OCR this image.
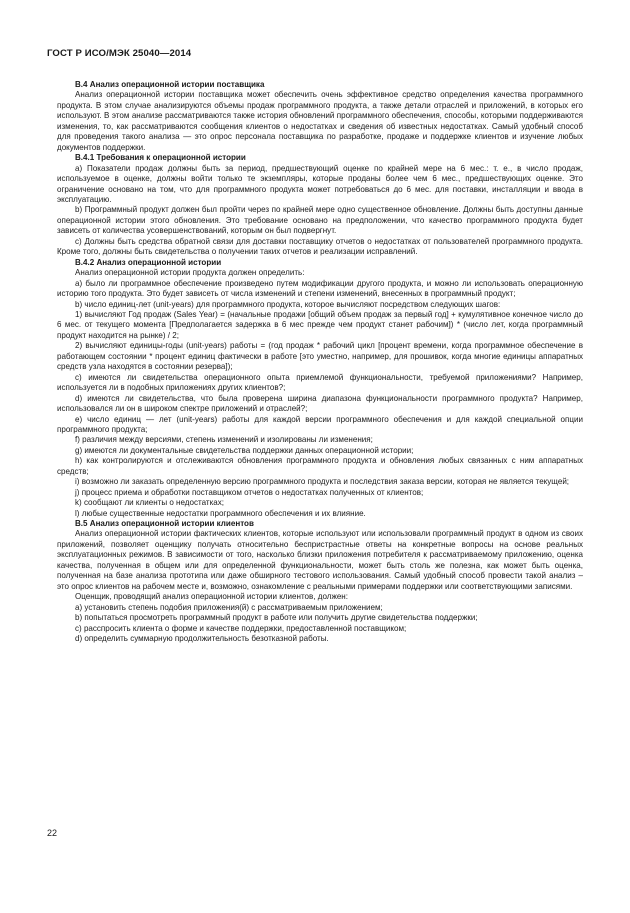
ГОСТ Р ИСО/МЭК 25040—2014
B.4 Анализ операционной истории поставщика

Анализ операционной истории поставщика может обеспечить очень эффективное средство определения качества программного продукта. В этом случае анализируются объемы продаж программного продукта, а также детали отраслей и приложений, в которых его используют. В этом анализе рассматриваются также история обновлений программного обеспечения, способы, которыми поддерживаются изменения, то, как рассматриваются сообщения клиентов о недостатках и сведения об известных недостатках. Самый удобный способ для проведения такого анализа — это опрос персонала поставщика по разработке, продаже и поддержке клиентов и изучение любых документов поддержки.

B.4.1 Требования к операционной истории

a) Показатели продаж должны быть за период, предшествующий оценке по крайней мере на 6 мес.: т. е., в число продаж, используемое в оценке, должны войти только те экземпляры, которые проданы более чем 6 мес., предшествующих оценке. Это ограничение основано на том, что для программного продукта может потребоваться до 6 мес. для поставки, инсталляции и ввода в эксплуатацию.

b) Программный продукт должен был пройти через по крайней мере одно существенное обновление. Должны быть доступны данные операционной истории этого обновления. Это требование основано на предположении, что качество программного продукта будет зависеть от количества усовершенствований, которым он был подвергнут.

c) Должны быть средства обратной связи для доставки поставщику отчетов о недостатках от пользователей программного продукта. Кроме того, должны быть свидетельства о получении таких отчетов и реализации исправлений.

B.4.2 Анализ операционной истории

Анализ операционной истории продукта должен определить:

a) было ли программное обеспечение произведено путем модификации другого продукта, и можно ли использовать операционную историю того продукта. Это будет зависеть от числа изменений и степени изменений, внесенных в программный продукт;

b) число единиц-лет (unit-years) для программного продукта, которое вычисляют посредством следующих шагов:

1) вычисляют Год продаж (Sales Year) = (начальные продажи [общий объем продаж за первый год] + кумулятивное конечное число до 6 мес. от текущего момента [Предполагается задержка в 6 мес прежде чем продукт станет рабочим]) * (число лет, когда программный продукт находится на рынке) / 2;

2) вычисляют единицы-годы (unit-years) работы = (год продаж * рабочий цикл [процент времени, когда программное обеспечение в работающем состоянии * процент единиц фактически в работе [это уместно, например, для прошивок, когда многие единицы аппаратных средств узла находятся в состоянии резерва]);

c) имеются ли свидетельства операционного опыта приемлемой функциональности, требуемой приложениями? Например, используется ли в подобных приложениях других клиентов?;

d) имеются ли свидетельства, что была проверена ширина диапазона функциональности программного продукта? Например, использовался ли он в широком спектре приложений и отраслей?;

e) число единиц — лет (unit-years) работы для каждой версии программного обеспечения и для каждой специальной опции программного продукта;

f) различия между версиями, степень изменений и изолированы ли изменения;

g) имеются ли документальные свидетельства поддержки данных операционной истории;

h) как контролируются и отслеживаются обновления программного продукта и обновления любых связанных с ним аппаратных средств;

i) возможно ли заказать определенную версию программного продукта и последствия заказа версии, которая не является текущей;

j) процесс приема и обработки поставщиком отчетов о недостатках полученных от клиентов;

k) сообщают ли клиенты о недостатках;

l) любые существенные недостатки программного обеспечения и их влияние.

B.5 Анализ операционной истории клиентов

Анализ операционной истории фактических клиентов, которые используют или использовали программный продукт в одном из своих приложений, позволяет оценщику получать относительно беспристрастные ответы на конкретные вопросы на основе реальных эксплуатационных режимов. В зависимости от того, насколько близки приложения потребителя к рассматриваемому приложению, оценка качества, полученная в общем или для определенной функциональности, может быть столь же полезна, как может быть оценка, полученная на базе анализа прототипа или даже обширного тестового использования. Самый удобный способ провести такой анализ – это опрос клиентов на рабочем месте и, возможно, ознакомление с реальными примерами поддержки или соответствующими записями.

Оценщик, проводящий анализ операционной истории клиентов, должен:

a) установить степень подобия приложения(й) с рассматриваемым приложением;

b) попытаться просмотреть программный продукт в работе или получить другие свидетельства поддержки;

c) расспросить клиента о форме и качестве поддержки, предоставленной поставщиком;

d) определить суммарную продолжительность безотказной работы.

22
